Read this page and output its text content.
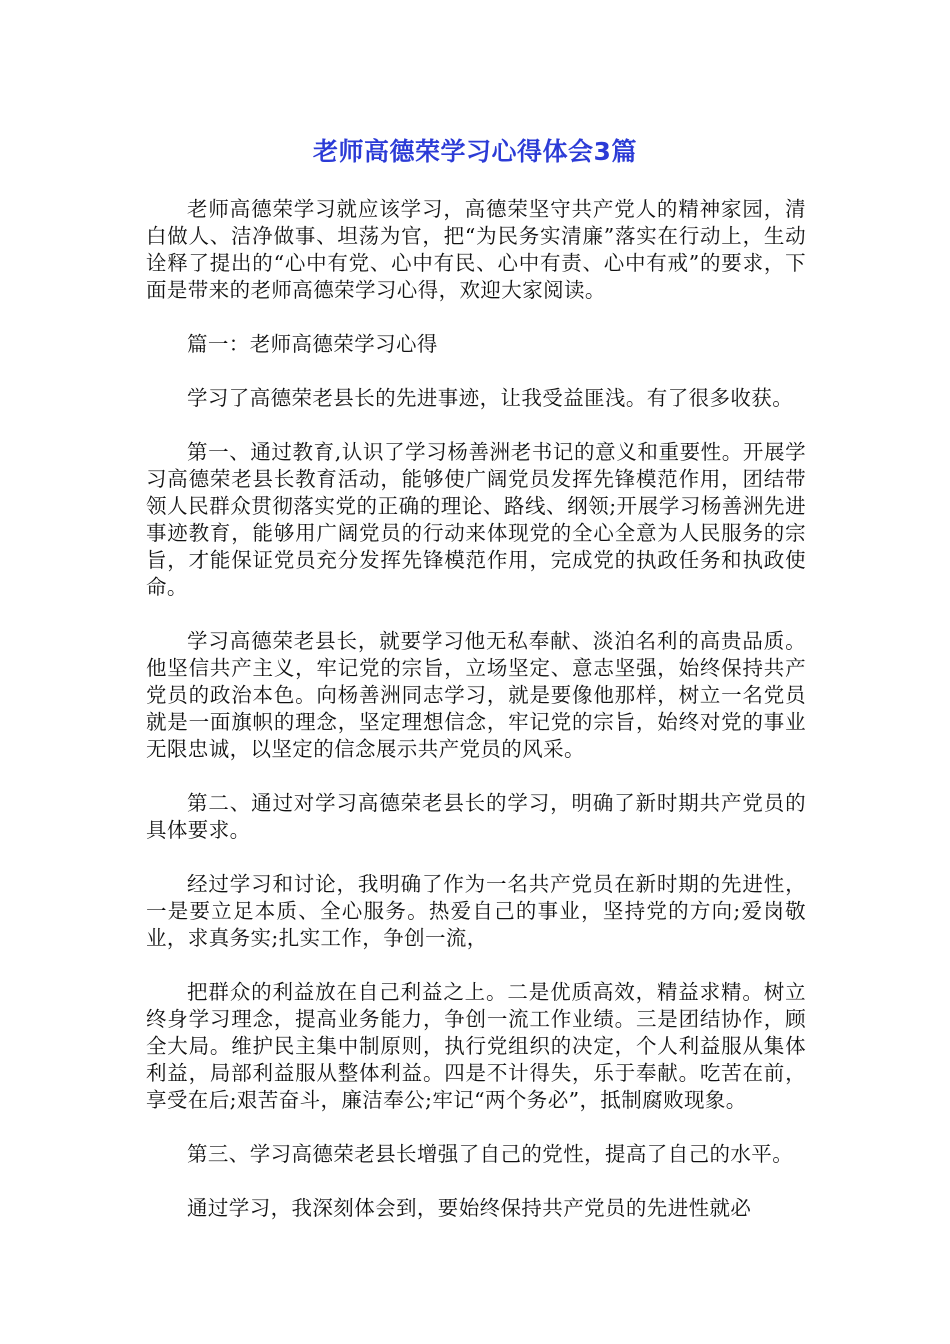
老师高德荣学习心得体会3篇

老师高德荣学习就应该学习，高德荣坚守共产党人的精神家园，清白做人、洁净做事、坦荡为官，把“为民务实清廉”落实在行动上，生动诠释了提出的“心中有党、心中有民、心中有责、心中有戒”的要求，下面是带来的老师高德荣学习心得，欢迎大家阅读。

篇一：老师高德荣学习心得

学习了高德荣老县长的先进事迹，让我受益匪浅。有了很多收获。

第一、通过教育,认识了学习杨善洲老书记的意义和重要性。开展学习高德荣老县长教育活动，能够使广阔党员发挥先锋模范作用，团结带领人民群众贯彻落实党的正确的理论、路线、纲领;开展学习杨善洲先进事迹教育，能够用广阔党员的行动来体现党的全心全意为人民服务的宗旨，才能保证党员充分发挥先锋模范作用，完成党的执政任务和执政使命。

学习高德荣老县长，就要学习他无私奉献、淡泊名利的高贵品质。他坚信共产主义，牢记党的宗旨，立场坚定、意志坚强，始终保持共产党员的政治本色。向杨善洲同志学习，就是要像他那样，树立一名党员就是一面旗帜的理念，坚定理想信念，牢记党的宗旨，始终对党的事业无限忠诚，以坚定的信念展示共产党员的风采。

第二、通过对学习高德荣老县长的学习，明确了新时期共产党员的具体要求。

经过学习和讨论，我明确了作为一名共产党员在新时期的先进性，一是要立足本质、全心服务。热爱自己的事业，坚持党的方向;爱岗敬业，求真务实;扎实工作，争创一流，

把群众的利益放在自己利益之上。二是优质高效，精益求精。树立终身学习理念，提高业务能力，争创一流工作业绩。三是团结协作，顾全大局。维护民主集中制原则，执行党组织的决定，个人利益服从集体利益，局部利益服从整体利益。四是不计得失，乐于奉献。吃苦在前，享受在后;艰苦奋斗，廉洁奉公;牢记“两个务必”，抵制腐败现象。

第三、学习高德荣老县长增强了自己的党性，提高了自己的水平。

通过学习，我深刻体会到，要始终保持共产党员的先进性就必
